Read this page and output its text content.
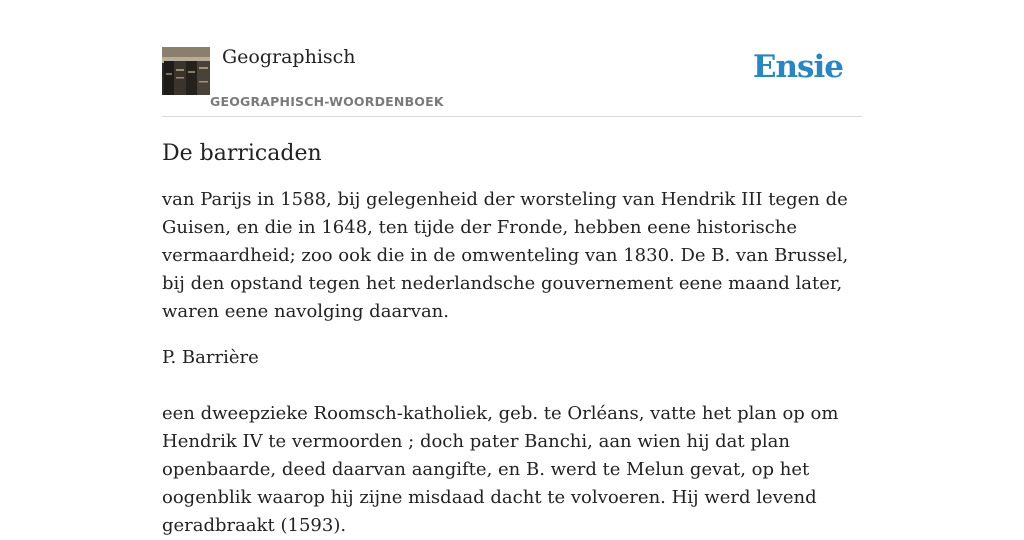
Geographisch
GEOGRAPHISCH-WOORDENBOEK
Ensie
De barricaden

van Parijs in 1588, bij gelegenheid der worsteling van Hendrik III tegen de Guisen, en die in 1648, ten tijde der Fronde, hebben eene historische vermaardheid; zoo ook die in de omwenteling van 1830. De B. van Brussel, bij den opstand tegen het nederlandsche gouvernement eene maand later, waren eene navolging daarvan.

P. Barrière

een dweepzieke Roomsch-katholiek, geb. te Orléans, vatte het plan op om Hendrik IV te vermoorden ; doch pater Banchi, aan wien hij dat plan openbaarde, deed daarvan aangifte, en B. werd te Melun gevat, op het oogenblik waarop hij zijne misdaad dacht te volvoeren. Hij werd levend geradbraakt (1593).
